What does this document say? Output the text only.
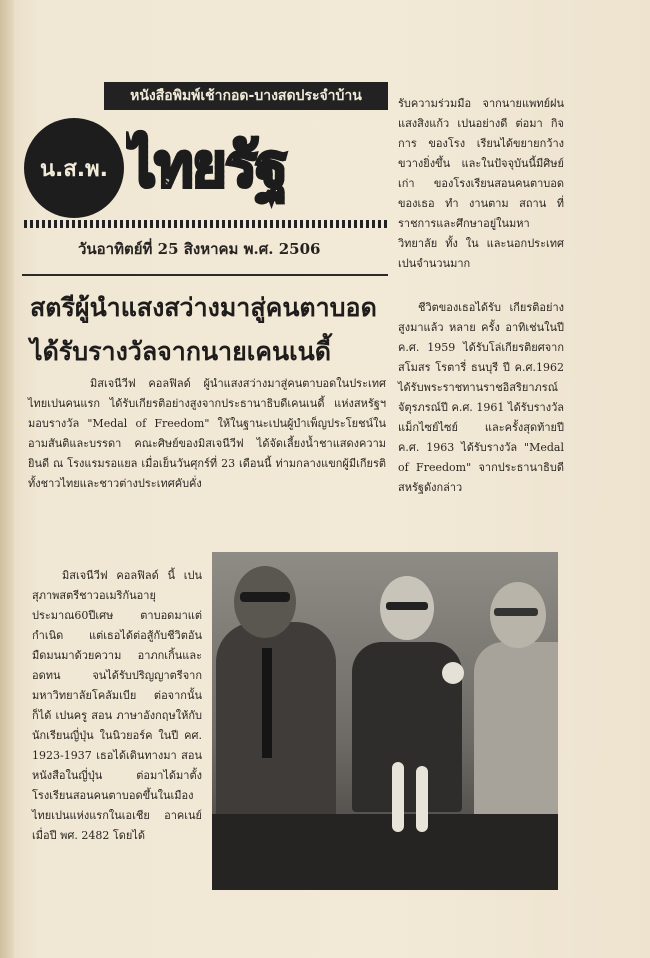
หนังสือพิมพ์เช้ากอด-บางสดประจำบ้าน
น.ส.พ. ไทยรัฐ
วันอาทิตย์ที่ 25 สิงหาคม พ.ศ. 2506
สตรีผู้นำแสงสว่างมาสู่คนตาบอด
ได้รับรางวัลจากนายเคนเนดี้
มิสเจนีวีฟ คอลฟิลด์ ผู้นำแสงสว่างมาสู่คนตาบอดในประเทศไทยเปนคนแรก ได้รับเกียรติอย่างสูงจากประธานาธิบดีเคนเนดี้ แห่งสหรัฐฯ มอบรางวัล "Medal of Freedom" ให้ในฐานะเปนผู้บำเพ็ญประโยชน์ในอามสันติและบรรดา คณะศิษย์ของมิสเจนีวีฟ ได้จัดเลี้ยงน้ำชาแสดงความยินดี ณ โรงแรมรอแยล เมื่อเย็นวันศุกร์ที่ 23 เดือนนี้ ท่ามกลางแขกผู้มีเกียรติทั้งชาวไทยและชาวต่างประเทศคับคั่ง
มิสเจนีวีฟ คอลฟิลด์ นี้ เปนสุภาพสตรีชาวอเมริกันอายุประมาณ60ปีเศษ ตาบอดมาแต่กำเนิด แต่เธอได้ต่อสู้กับชีวิตอันมืดมนมาด้วยความ อาภกเกิ้นและอดทน จนได้รับปริญญาตรีจากมหาวิทยาลัยโคลัมเบีย ต่อจากนั้นก็ได้ เปนครู สอน ภาษาอังกฤษให้กับนักเรียนญี่ปุ่น ในนิวยอร์ค ในปี คศ. 1923-1937 เธอได้เดินทางมา สอน หนังสือในญี่ปุ่น ต่อมาได้มาตั้งโรงเรียนสอนคนตาบอดขึ้นในเมืองไทยเปนแห่งแรกในเอเชีย อาคเนย์ เมื่อปี พศ. 2482 โดยได้
รับความร่วมมือ จากนายแพทย์ฝน แสงสิงแก้ว เปนอย่างดี ต่อมา กิจ การ ของโรง เรียนได้ขยายกว้างขวางยิ่งขึ้น และในปัจจุบันนี้มีศิษย์เก่า ของโรงเรียนสอนคนตาบอดของเธอ ทำ งานตาม สถาน ที่ ราชการและศึกษาอยู่ในมหา วิทยาลัย ทั้ง ใน และนอกประเทศเปนจำนวนมาก
ชีวิตของเธอได้รับ เกียรติอย่างสูงมาแล้ว หลาย ครั้ง อาทิเช่นในปี ค.ศ. 1959 ได้รับโล่เกียรติยศจากสโมสร โรตารี่ ธนบุรี ปี ค.ศ.1962 ได้รับพระราชทานราชอิสริยาภรณ์จัตุรภรณ์ปี ค.ศ. 1961 ได้รับรางวัลแม็กไซย์ไซย์ และครั้งสุดท้ายปี ค.ศ. 1963 ได้รับรางวัล "Medal of Freedom" จากประธานาธิบดีสหรัฐดังกล่าว
